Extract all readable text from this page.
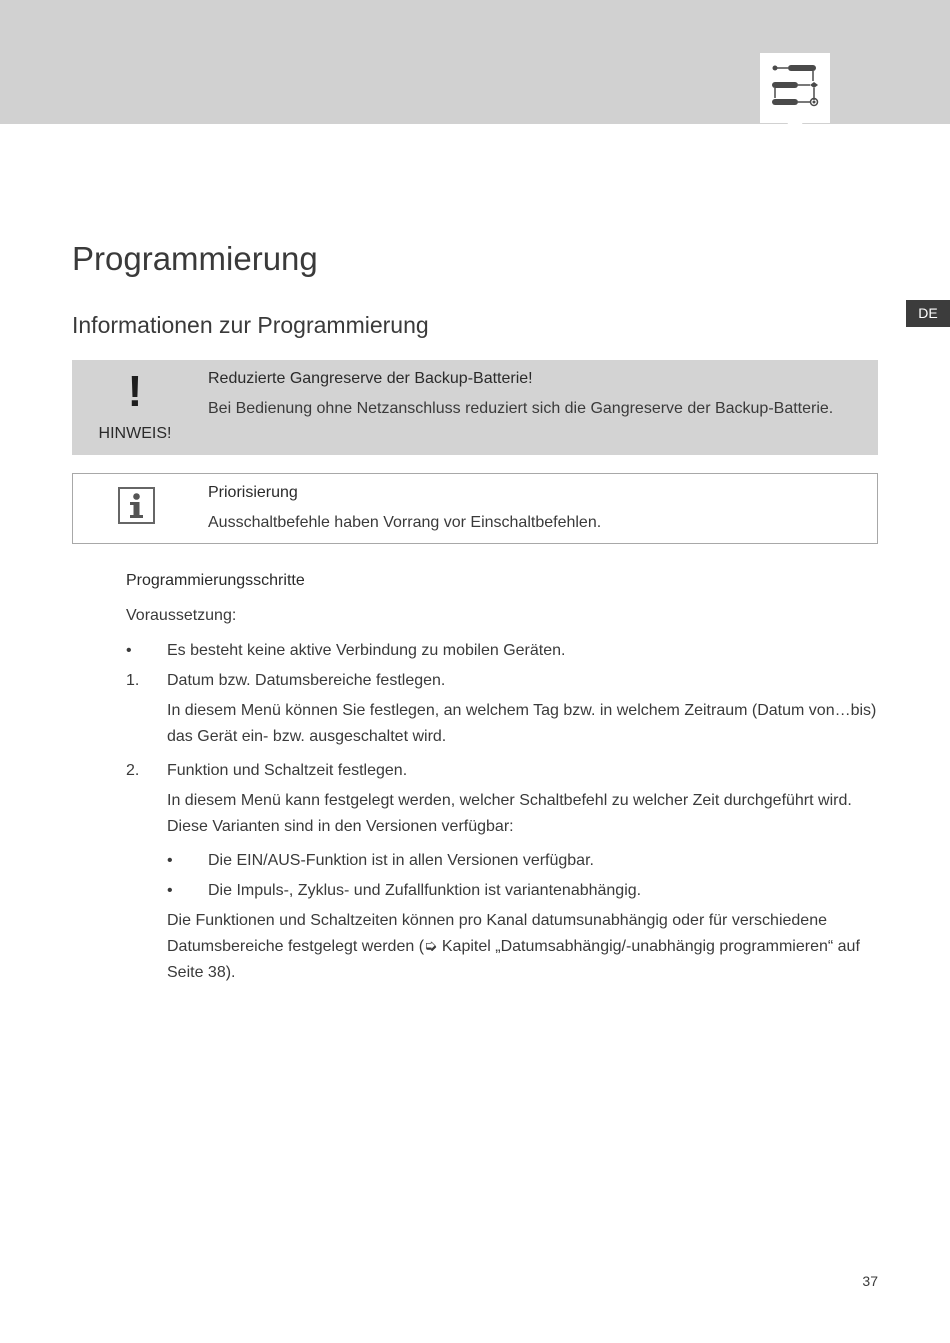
DE
Programmierung
Informationen zur Programmierung
!
HINWEIS!
Reduzierte Gangreserve der Backup-Batterie!
Bei Bedienung ohne Netzanschluss reduziert sich die Gangreserve der Backup-Batterie.
Priorisierung
Ausschaltbefehle haben Vorrang vor Einschaltbefehlen.
Programmierungsschritte
Voraussetzung:
• Es besteht keine aktive Verbindung zu mobilen Geräten.
1. Datum bzw. Datumsbereiche festlegen.
In diesem Menü können Sie festlegen, an welchem Tag bzw. in welchem Zeitraum (Datum von…bis)
das Gerät ein- bzw. ausgeschaltet wird.
2. Funktion und Schaltzeit festlegen.
In diesem Menü kann festgelegt werden, welcher Schaltbefehl zu welcher Zeit durchgeführt wird.
Diese Varianten sind in den Versionen verfügbar:
• Die EIN/AUS-Funktion ist in allen Versionen verfügbar.
• Die Impuls-, Zyklus- und Zufallfunktion ist variantenabhängig.
Die Funktionen und Schaltzeiten können pro Kanal datumsunabhängig oder für verschiedene
Datumsbereiche festgelegt werden (➭ Kapitel „Datumsabhängig/-unabhängig programmieren“ auf
Seite 38).
37
